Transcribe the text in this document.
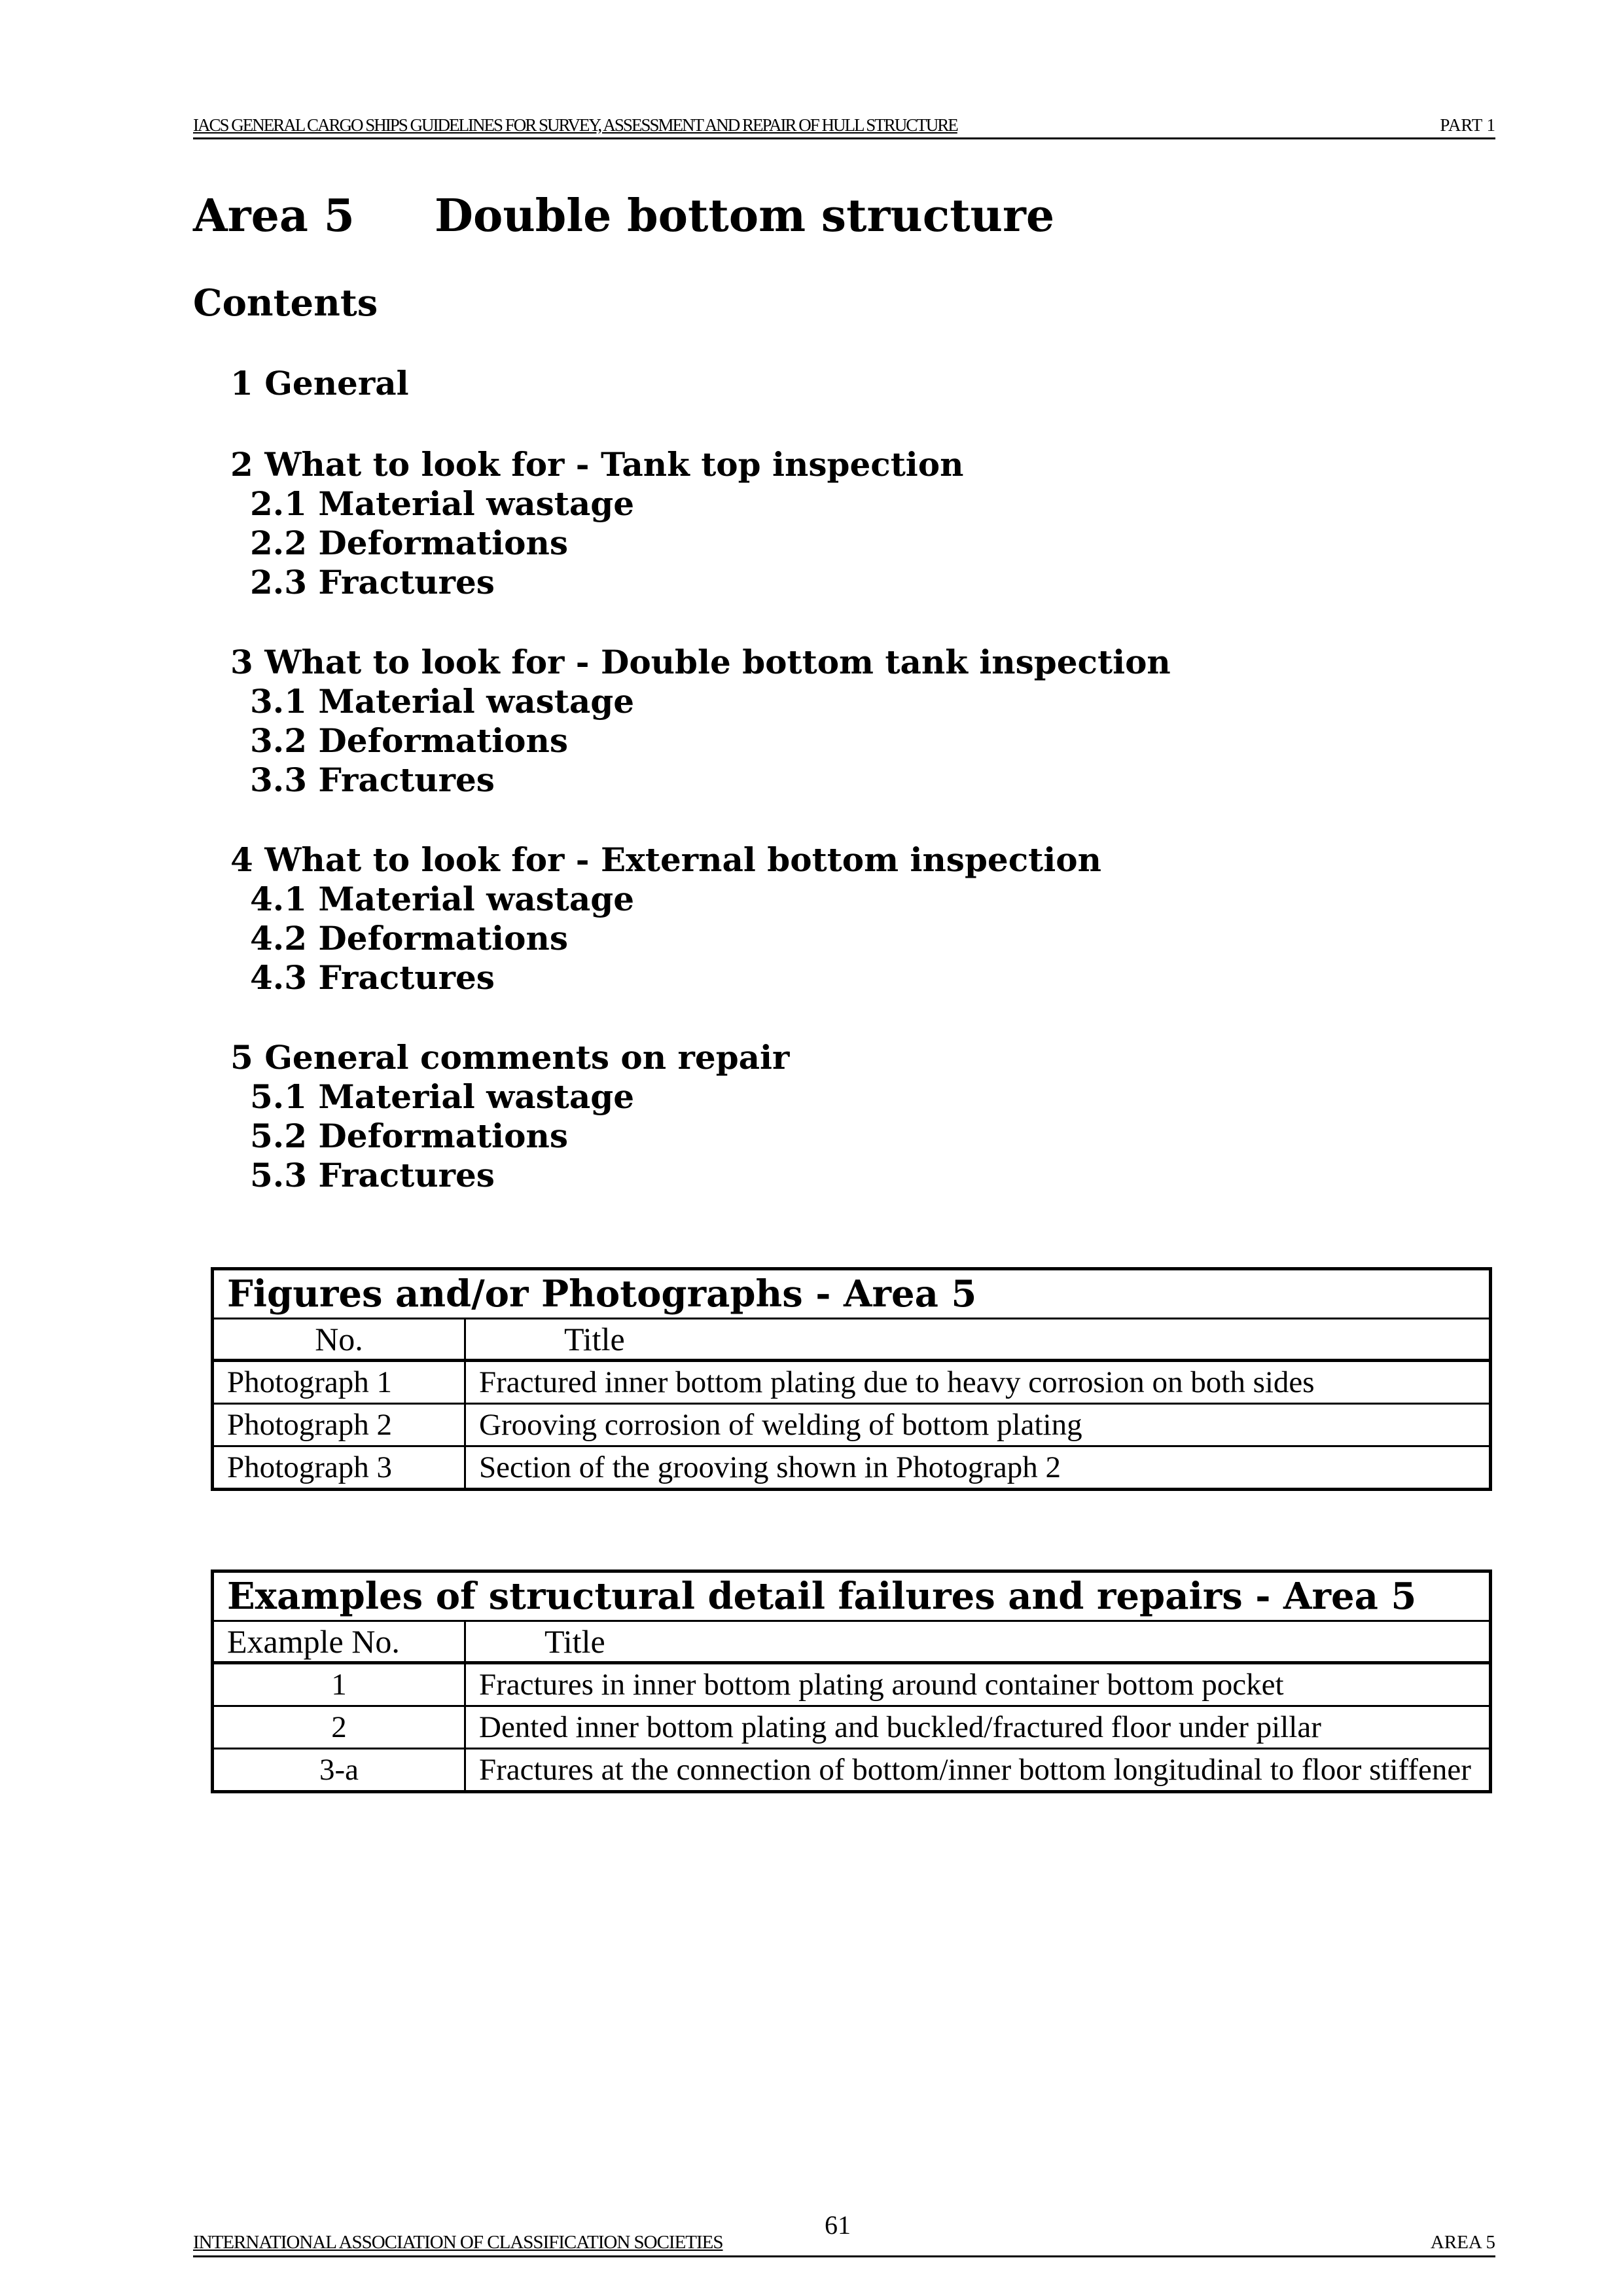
IACS GENERAL CARGO SHIPS GUIDELINES FOR SURVEY, ASSESSMENT AND REPAIR OF HULL STRUCTURE	PART 1
Area 5 Double bottom structure
Contents
1 General
2 What to look for - Tank top inspection
2.1 Material wastage
2.2 Deformations
2.3 Fractures
3 What to look for - Double bottom tank inspection
3.1 Material wastage
3.2 Deformations
3.3 Fractures
4 What to look for - External bottom inspection
4.1 Material wastage
4.2 Deformations
4.3 Fractures
5 General comments on repair
5.1 Material wastage
5.2 Deformations
5.3 Fractures
Figures and/or Photographs - Area 5	
No.	Title
Photograph 1	Fractured inner bottom plating due to heavy corrosion on both sides
Photograph 2	Grooving corrosion of welding of bottom plating
Photograph 3	Section of the grooving shown in Photograph 2
Examples of structural detail failures and repairs - Area 5	
Example No.	Title
1	Fractures in inner bottom plating around container bottom pocket
2	Dented inner bottom plating and buckled/fractured floor under pillar
3-a	Fractures at the connection of bottom/inner bottom longitudinal to floor stiffener
INTERNATIONAL ASSOCIATION OF CLASSIFICATION SOCIETIES
61
AREA 5
